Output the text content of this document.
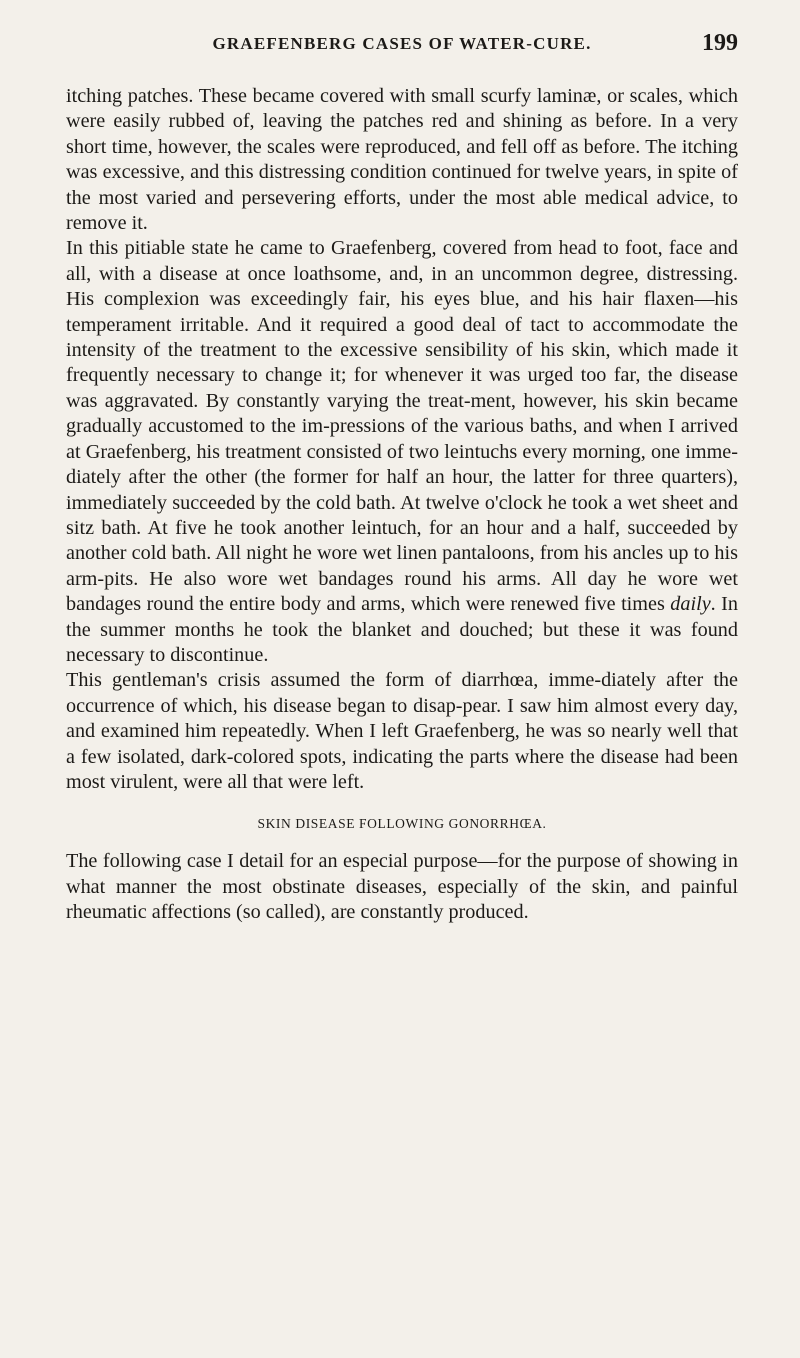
GRAEFENBERG CASES OF WATER-CURE.	199

itching patches. These became covered with small scurfy laminæ, or scales, which were easily rubbed of, leaving the patches red and shining as before. In a very short time, however, the scales were reproduced, and fell off as before. The itching was excessive, and this distressing condition continued for twelve years, in spite of the most varied and persevering efforts, under the most able medical advice, to remove it.

In this pitiable state he came to Graefenberg, covered from head to foot, face and all, with a disease at once loathsome, and, in an uncommon degree, distressing. His complexion was exceedingly fair, his eyes blue, and his hair flaxen—his temperament irritable. And it required a good deal of tact to accommodate the intensity of the treatment to the excessive sensibility of his skin, which made it frequently necessary to change it; for whenever it was urged too far, the disease was aggravated. By constantly varying the treat-ment, however, his skin became gradually accustomed to the im-pressions of the various baths, and when I arrived at Graefenberg, his treatment consisted of two leintuchs every morning, one imme-diately after the other (the former for half an hour, the latter for three quarters), immediately succeeded by the cold bath. At twelve o'clock he took a wet sheet and sitz bath. At five he took another leintuch, for an hour and a half, succeeded by another cold bath. All night he wore wet linen pantaloons, from his ancles up to his arm-pits. He also wore wet bandages round his arms. All day he wore wet bandages round the entire body and arms, which were renewed five times daily. In the summer months he took the blanket and douched; but these it was found necessary to discontinue.

This gentleman's crisis assumed the form of diarrhœa, imme-diately after the occurrence of which, his disease began to disap-pear. I saw him almost every day, and examined him repeatedly. When I left Graefenberg, he was so nearly well that a few isolated, dark-colored spots, indicating the parts where the disease had been most virulent, were all that were left.

SKIN DISEASE FOLLOWING GONORRHŒA.

The following case I detail for an especial purpose—for the purpose of showing in what manner the most obstinate diseases, especially of the skin, and painful rheumatic affections (so called), are constantly produced.
